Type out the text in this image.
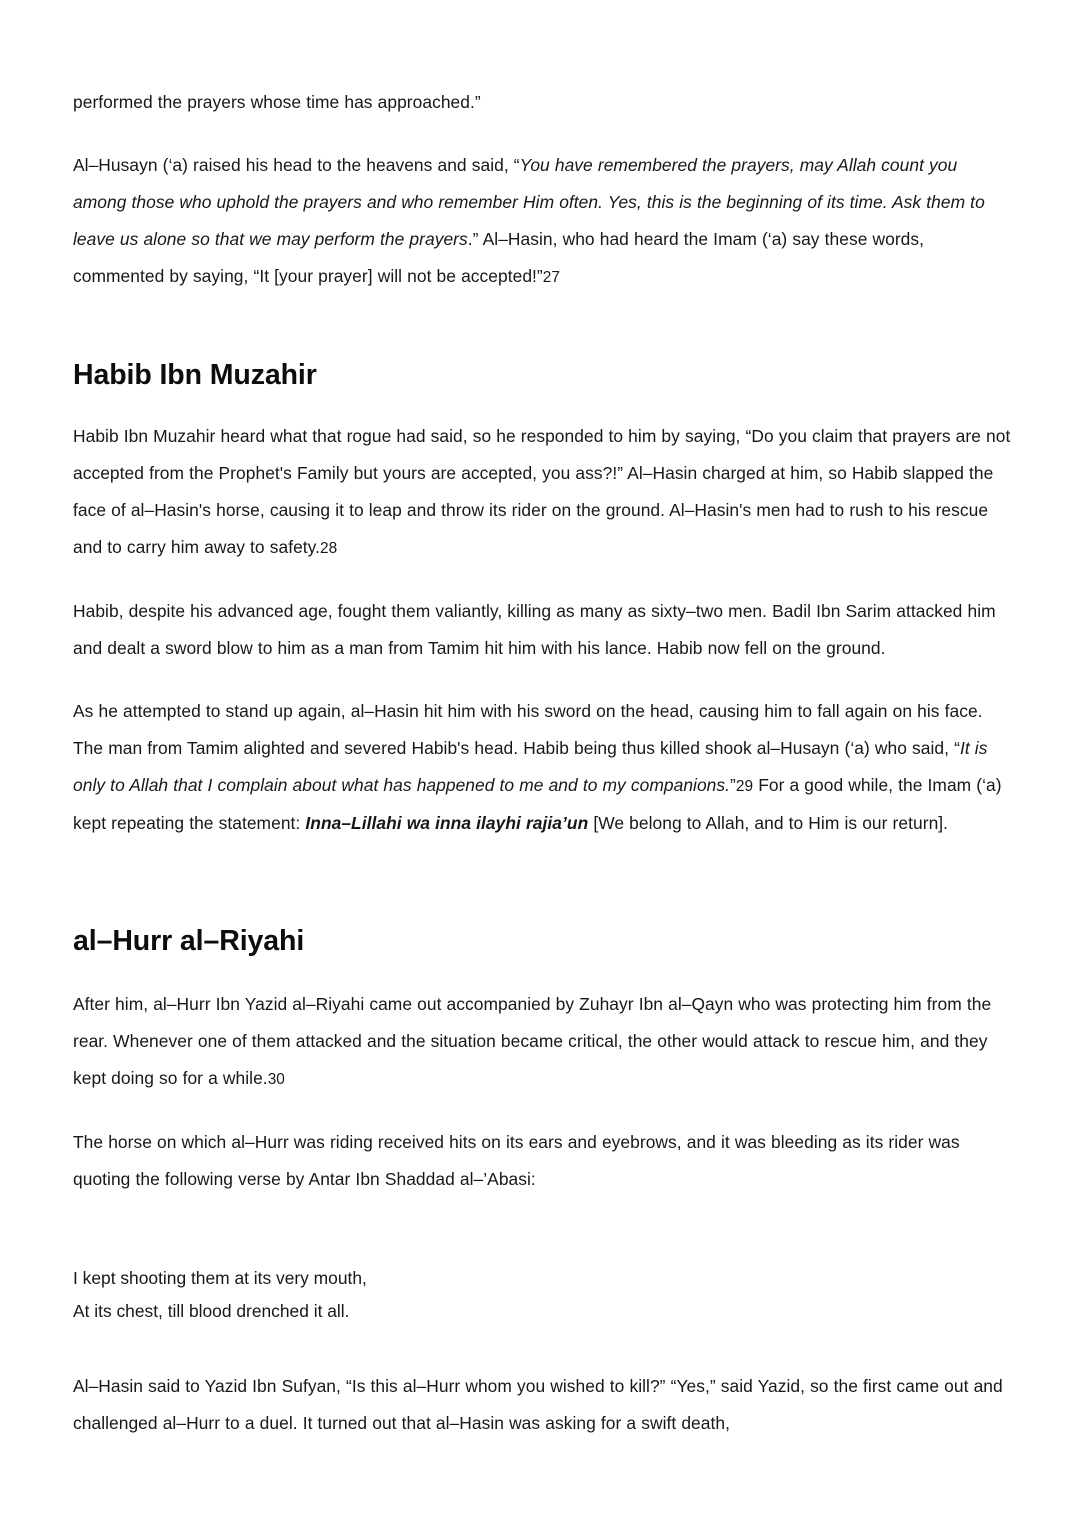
performed the prayers whose time has approached.”

Al–Husayn (‘a) raised his head to the heavens and said, “You have remembered the prayers, may Allah count you among those who uphold the prayers and who remember Him often. Yes, this is the beginning of its time. Ask them to leave us alone so that we may perform the prayers.” Al–Hasin, who had heard the Imam (‘a) say these words, commented by saying, “It [your prayer] will not be accepted!”27

Habib Ibn Muzahir

Habib Ibn Muzahir heard what that rogue had said, so he responded to him by saying, “Do you claim that prayers are not accepted from the Prophet's Family but yours are accepted, you ass?!” Al–Hasin charged at him, so Habib slapped the face of al–Hasin's horse, causing it to leap and throw its rider on the ground. Al–Hasin's men had to rush to his rescue and to carry him away to safety.28

Habib, despite his advanced age, fought them valiantly, killing as many as sixty–two men. Badil Ibn Sarim attacked him and dealt a sword blow to him as a man from Tamim hit him with his lance. Habib now fell on the ground.

As he attempted to stand up again, al–Hasin hit him with his sword on the head, causing him to fall again on his face. The man from Tamim alighted and severed Habib's head. Habib being thus killed shook al–Husayn (‘a) who said, “It is only to Allah that I complain about what has happened to me and to my companions.”29 For a good while, the Imam (‘a) kept repeating the statement: Inna–Lillahi wa inna ilayhi rajia’un [We belong to Allah, and to Him is our return].

al–Hurr al–Riyahi

After him, al–Hurr Ibn Yazid al–Riyahi came out accompanied by Zuhayr Ibn al–Qayn who was protecting him from the rear. Whenever one of them attacked and the situation became critical, the other would attack to rescue him, and they kept doing so for a while.30

The horse on which al–Hurr was riding received hits on its ears and eyebrows, and it was bleeding as its rider was quoting the following verse by Antar Ibn Shaddad al–’Abasi:

I kept shooting them at its very mouth,
At its chest, till blood drenched it all.

Al–Hasin said to Yazid Ibn Sufyan, “Is this al–Hurr whom you wished to kill?” “Yes,” said Yazid, so the first came out and challenged al–Hurr to a duel. It turned out that al–Hasin was asking for a swift death,
